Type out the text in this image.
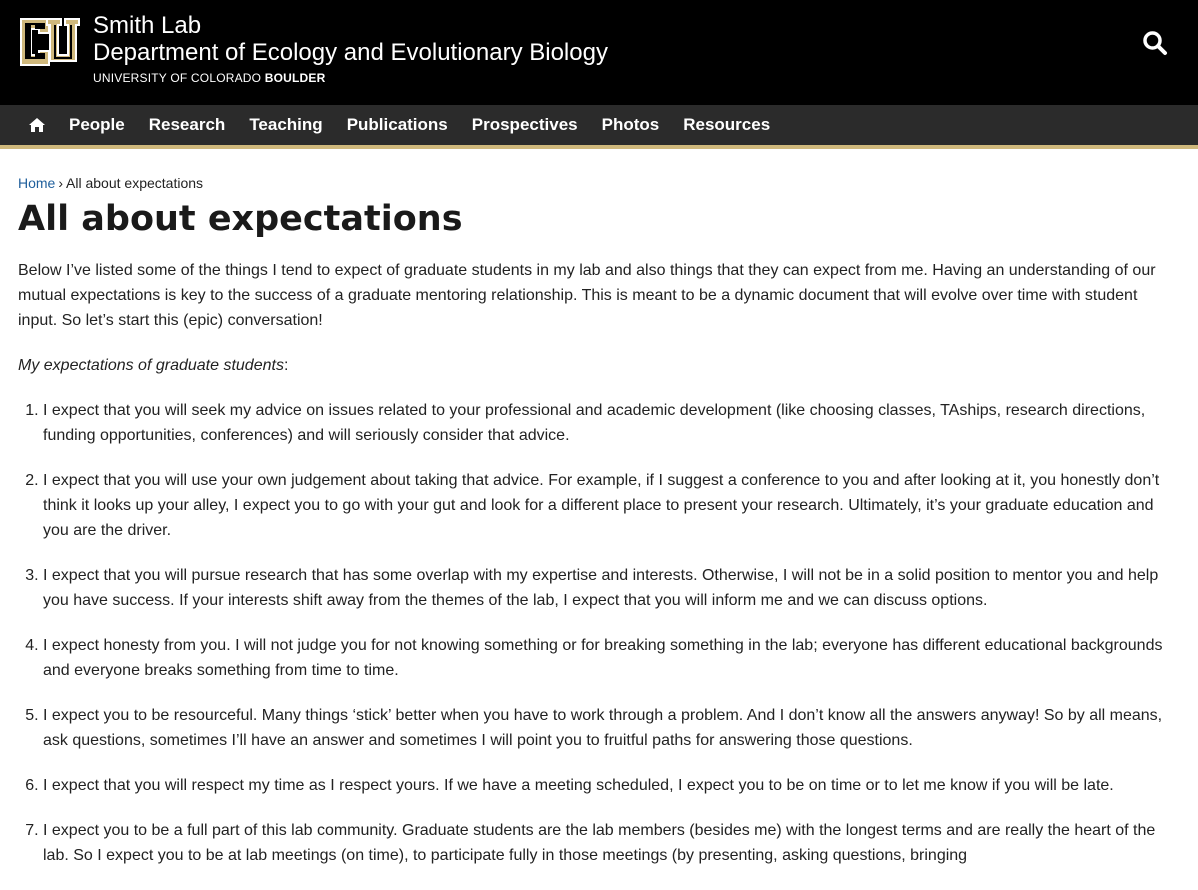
Smith Lab
Department of Ecology and Evolutionary Biology
UNIVERSITY OF COLORADO BOULDER
People Research Teaching Publications Prospectives Photos Resources
Home › All about expectations
All about expectations

Below I’ve listed some of the things I tend to expect of graduate students in my lab and also things that they can expect from me. Having an understanding of our mutual expectations is key to the success of a graduate mentoring relationship. This is meant to be a dynamic document that will evolve over time with student input. So let’s start this (epic) conversation!

My expectations of graduate students:

1. I expect that you will seek my advice on issues related to your professional and academic development (like choosing classes, TAships, research directions, funding opportunities, conferences) and will seriously consider that advice.
2. I expect that you will use your own judgement about taking that advice. For example, if I suggest a conference to you and after looking at it, you honestly don’t think it looks up your alley, I expect you to go with your gut and look for a different place to present your research. Ultimately, it’s your graduate education and you are the driver.
3. I expect that you will pursue research that has some overlap with my expertise and interests. Otherwise, I will not be in a solid position to mentor you and help you have success. If your interests shift away from the themes of the lab, I expect that you will inform me and we can discuss options.
4. I expect honesty from you. I will not judge you for not knowing something or for breaking something in the lab; everyone has different educational backgrounds and everyone breaks something from time to time.
5. I expect you to be resourceful. Many things ‘stick’ better when you have to work through a problem. And I don’t know all the answers anyway! So by all means, ask questions, sometimes I’ll have an answer and sometimes I will point you to fruitful paths for answering those questions.
6. I expect that you will respect my time as I respect yours. If we have a meeting scheduled, I expect you to be on time or to let me know if you will be late.
7. I expect you to be a full part of this lab community. Graduate students are the lab members (besides me) with the longest terms and are really the heart of the lab. So I expect you to be at lab meetings (on time), to participate fully in those meetings (by presenting, asking questions, bringing
